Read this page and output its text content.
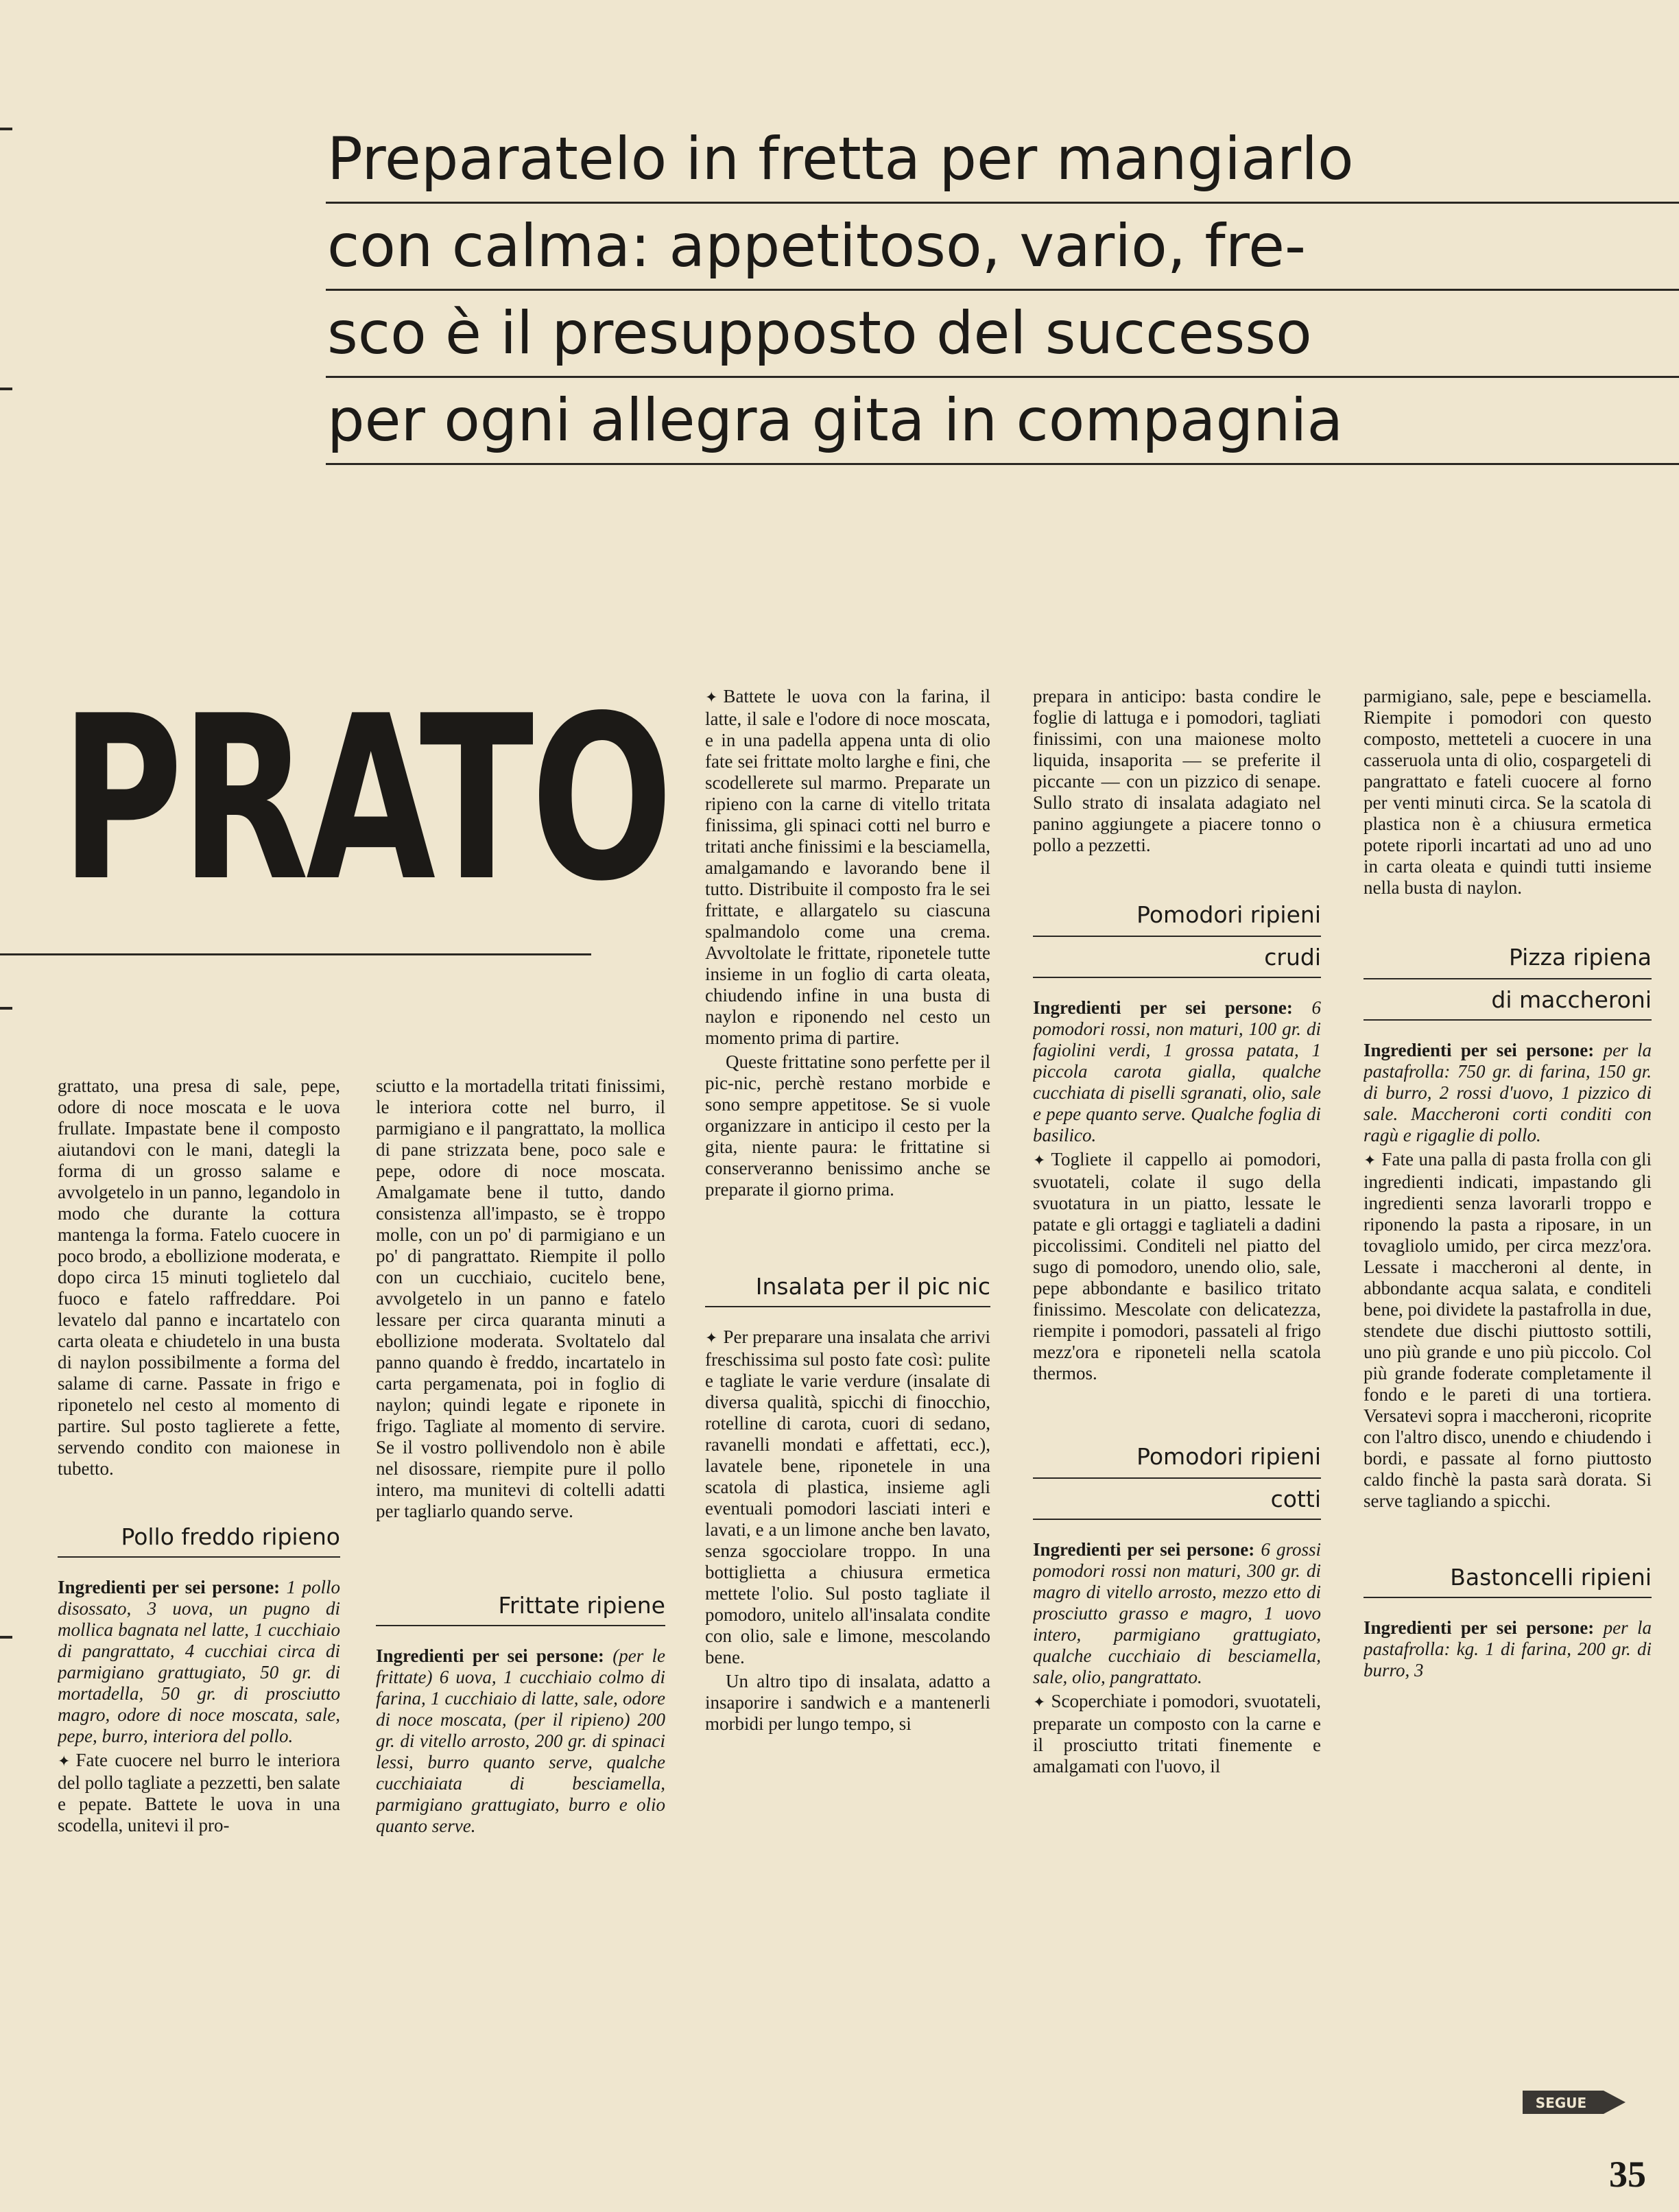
Preparatelo in fretta per mangiarlo
con calma: appetitoso, vario, fre-
sco è il presupposto del successo
per ogni allegra gita in compagnia
PRATO

grattato, una presa di sale, pepe, odore di noce moscata e le uova frullate. Impastate bene il composto aiutandovi con le mani, dategli la forma di un grosso salame e avvolgetelo in un panno, legandolo in modo che durante la cottura mantenga la forma. Fatelo cuocere in poco brodo, a ebollizione moderata, e dopo circa 15 minuti toglietelo dal fuoco e fatelo raffreddare. Poi levatelo dal panno e incartatelo con carta oleata e chiudetelo in una busta di naylon possibilmente a forma del salame di carne. Passate in frigo e riponetelo nel cesto al momento di partire. Sul posto taglierete a fette, servendo condito con maionese in tubetto.

Pollo freddo ripieno

Ingredienti per sei persone: 1 pollo disossato, 3 uova, un pugno di mollica bagnata nel latte, 1 cucchiaio di pangrattato, 4 cucchiai circa di parmigiano grattugiato, 50 gr. di mortadella, 50 gr. di prosciutto magro, odore di noce moscata, sale, pepe, burro, interiora del pollo.

✦ Fate cuocere nel burro le interiora del pollo tagliate a pezzetti, ben salate e pepate. Battete le uova in una scodella, unitevi il pro-

sciutto e la mortadella tritati finissimi, le interiora cotte nel burro, il parmigiano e il pangrattato, la mollica di pane strizzata bene, poco sale e pepe, odore di noce moscata. Amalgamate bene il tutto, dando consistenza all'impasto, se è troppo molle, con un po' di parmigiano e un po' di pangrattato. Riempite il pollo con un cucchiaio, cucitelo bene, avvolgetelo in un panno e fatelo lessare per circa quaranta minuti a ebollizione moderata. Svoltatelo dal panno quando è freddo, incartatelo in carta pergamenata, poi in foglio di naylon; quindi legate e riponete in frigo. Tagliate al momento di servire. Se il vostro pollivendolo non è abile nel disossare, riempite pure il pollo intero, ma munitevi di coltelli adatti per tagliarlo quando serve.

Frittate ripiene

Ingredienti per sei persone: (per le frittate) 6 uova, 1 cucchiaio colmo di farina, 1 cucchiaio di latte, sale, odore di noce moscata, (per il ripieno) 200 gr. di vitello arrosto, 200 gr. di spinaci lessi, burro quanto serve, qualche cucchiaiata di besciamella, parmigiano grattugiato, burro e olio quanto serve.

✦ Battete le uova con la farina, il latte, il sale e l'odore di noce moscata, e in una padella appena unta di olio fate sei frittate molto larghe e fini, che scodellerete sul marmo. Preparate un ripieno con la carne di vitello tritata finissima, gli spinaci cotti nel burro e tritati anche finissimi e la besciamella, amalgamando e lavorando bene il tutto. Distribuite il composto fra le sei frittate, e allargatelo su ciascuna spalmandolo come una crema. Avvoltolate le frittate, riponetele tutte insieme in un foglio di carta oleata, chiudendo infine in una busta di naylon e riponendo nel cesto un momento prima di partire.

Queste frittatine sono perfette per il pic-nic, perchè restano morbide e sono sempre appetitose. Se si vuole organizzare in anticipo il cesto per la gita, niente paura: le frittatine si conserveranno benissimo anche se preparate il giorno prima.

Insalata per il pic nic

✦ Per preparare una insalata che arrivi freschissima sul posto fate così: pulite e tagliate le varie verdure (insalate di diversa qualità, spicchi di finocchio, rotelline di carota, cuori di sedano, ravanelli mondati e affettati, ecc.), lavatele bene, riponetele in una scatola di plastica, insieme agli eventuali pomodori lasciati interi e lavati, e a un limone anche ben lavato, senza sgocciolare troppo. In una bottiglietta a chiusura ermetica mettete l'olio. Sul posto tagliate il pomodoro, unitelo all'insalata condite con olio, sale e limone, mescolando bene.

Un altro tipo di insalata, adatto a insaporire i sandwich e a mantenerli morbidi per lungo tempo, si

prepara in anticipo: basta condire le foglie di lattuga e i pomodori, tagliati finissimi, con una maionese molto liquida, insaporita — se preferite il piccante — con un pizzico di senape. Sullo strato di insalata adagiato nel panino aggiungete a piacere tonno o pollo a pezzetti.

Pomodori ripieni
crudi

Ingredienti per sei persone: 6 pomodori rossi, non maturi, 100 gr. di fagiolini verdi, 1 grossa patata, 1 piccola carota gialla, qualche cucchiata di piselli sgranati, olio, sale e pepe quanto serve. Qualche foglia di basilico.

✦ Togliete il cappello ai pomodori, svuotateli, colate il sugo della svuotatura in un piatto, lessate le patate e gli ortaggi e tagliateli a dadini piccolissimi. Conditeli nel piatto del sugo di pomodoro, unendo olio, sale, pepe abbondante e basilico tritato finissimo. Mescolate con delicatezza, riempite i pomodori, passateli al frigo mezz'ora e riponeteli nella scatola thermos.

Pomodori ripieni
cotti

Ingredienti per sei persone: 6 grossi pomodori rossi non maturi, 300 gr. di magro di vitello arrosto, mezzo etto di prosciutto grasso e magro, 1 uovo intero, parmigiano grattugiato, qualche cucchiaio di besciamella, sale, olio, pangrattato.

✦ Scoperchiate i pomodori, svuotateli, preparate un composto con la carne e il prosciutto tritati finemente e amalgamati con l'uovo, il

parmigiano, sale, pepe e besciamella. Riempite i pomodori con questo composto, metteteli a cuocere in una casseruola unta di olio, cospargeteli di pangrattato e fateli cuocere al forno per venti minuti circa. Se la scatola di plastica non è a chiusura ermetica potete riporli incartati ad uno ad uno in carta oleata e quindi tutti insieme nella busta di naylon.

Pizza ripiena
di maccheroni

Ingredienti per sei persone: per la pastafrolla: 750 gr. di farina, 150 gr. di burro, 2 rossi d'uovo, 1 pizzico di sale. Maccheroni corti conditi con ragù e rigaglie di pollo.

✦ Fate una palla di pasta frolla con gli ingredienti indicati, impastando gli ingredienti senza lavorarli troppo e riponendo la pasta a riposare, in un tovagliolo umido, per circa mezz'ora. Lessate i maccheroni al dente, in abbondante acqua salata, e conditeli bene, poi dividete la pastafrolla in due, stendete due dischi piuttosto sottili, uno più grande e uno più piccolo. Col più grande foderate completamente il fondo e le pareti di una tortiera. Versatevi sopra i maccheroni, ricoprite con l'altro disco, unendo e chiudendo i bordi, e passate al forno piuttosto caldo finchè la pasta sarà dorata. Si serve tagliando a spicchi.

Bastoncelli ripieni

Ingredienti per sei persone: per la pastafrolla: kg. 1 di farina, 200 gr. di burro, 3

SEGUE
35
